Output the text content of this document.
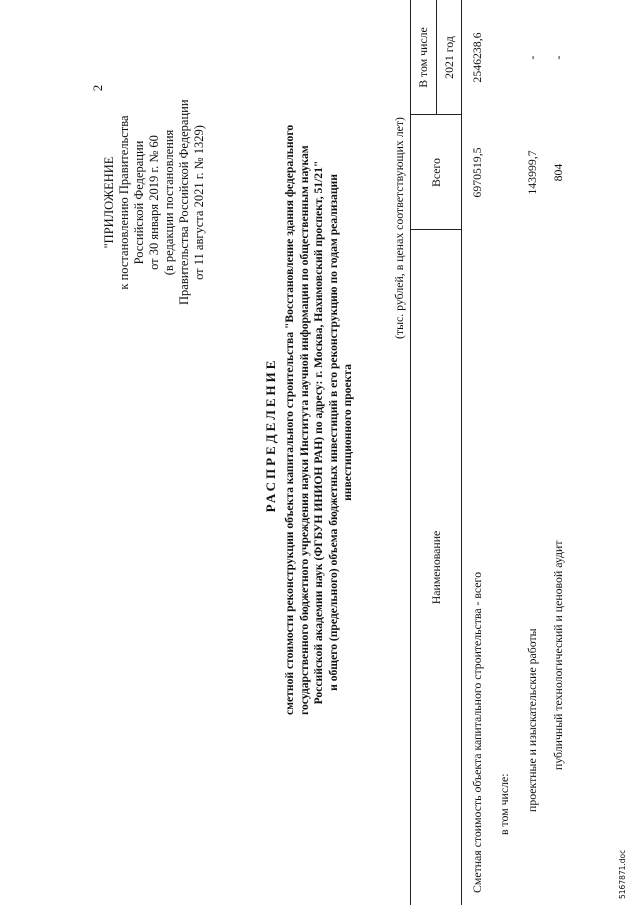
2
"ПРИЛОЖЕНИЕ к постановлению Правительства Российской Федерации от 30 января 2019 г. № 60 (в редакции постановления Правительства Российской Федерации от 11 августа 2021 г. № 1329)
РАСПРЕДЕЛЕНИЕ сметной стоимости реконструкции объекта капитального строительства "Восстановление здания федерального государственного бюджетного учреждения науки Института научной информации по общественным наукам Российской академии наук (ФГБУН ИНИОН РАН) по адресу: г. Москва, Нахимовский проспект, 51/21" и общего (предельного) объема бюджетных инвестиций в его реконструкцию по годам реализации инвестиционного проекта
(тыс. рублей, в ценах соответствующих лет)
Наименование
Всего
В том числе 2021 год
Сметная стоимость объекта капитального строительства - всего
6970519,5
2546238,6
в том числе: проектные и изыскательские работы
143999,7
-
публичный технологический и ценовой аудит
804
-
5167871.doc
